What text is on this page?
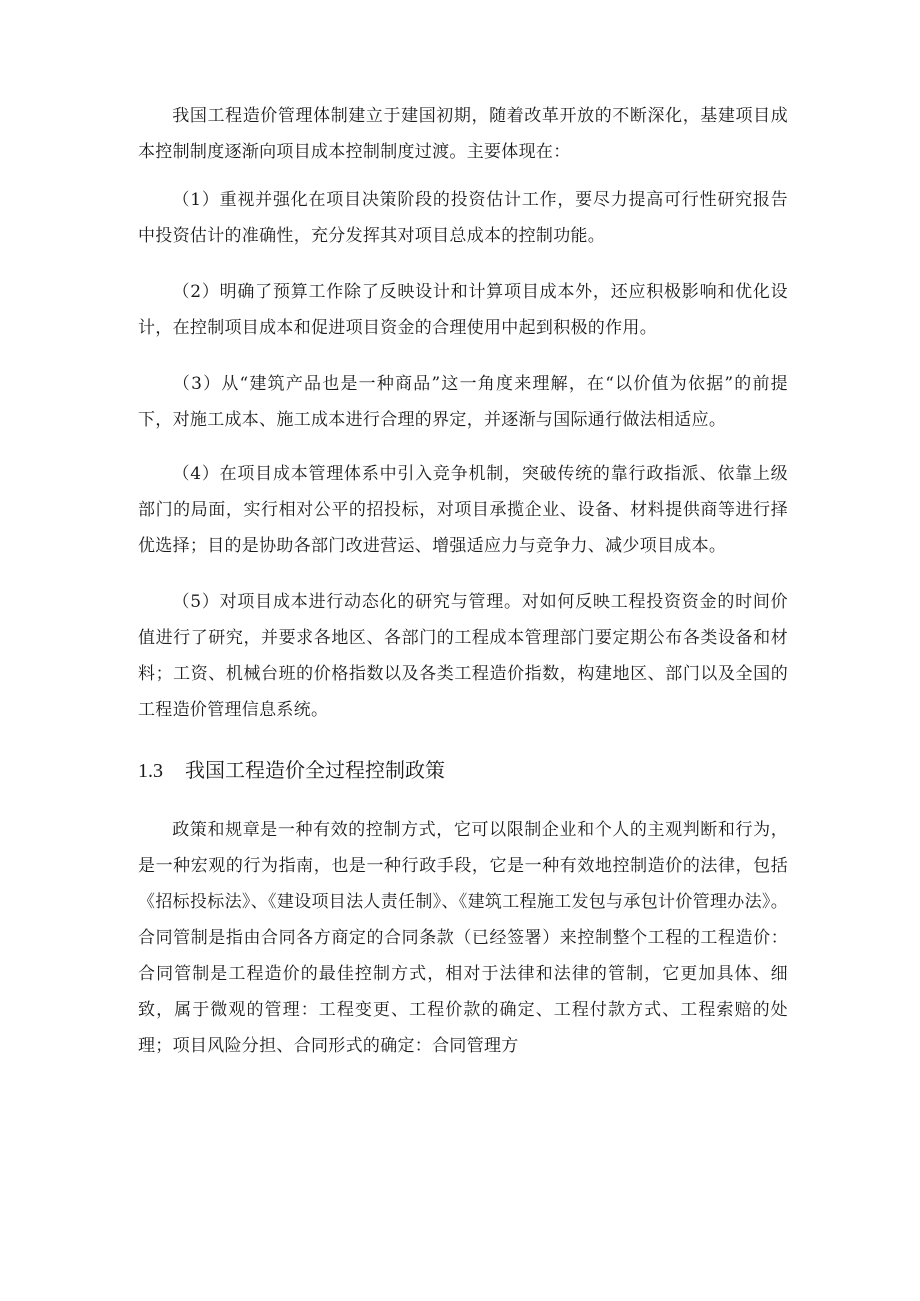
我国工程造价管理体制建立于建国初期，随着改革开放的不断深化，基建项目成本控制制度逐渐向项目成本控制制度过渡。主要体现在：

（1）重视并强化在项目决策阶段的投资估计工作，要尽力提高可行性研究报告中投资估计的准确性，充分发挥其对项目总成本的控制功能。

（2）明确了预算工作除了反映设计和计算项目成本外，还应积极影响和优化设计，在控制项目成本和促进项目资金的合理使用中起到积极的作用。

（3）从“建筑产品也是一种商品”这一角度来理解，在“以价值为依据”的前提下，对施工成本、施工成本进行合理的界定，并逐渐与国际通行做法相适应。

（4）在项目成本管理体系中引入竞争机制，突破传统的靠行政指派、依靠上级部门的局面，实行相对公平的招投标，对项目承揽企业、设备、材料提供商等进行择优选择；目的是协助各部门改进营运、增强适应力与竞争力、减少项目成本。

（5）对项目成本进行动态化的研究与管理。对如何反映工程投资资金的时间价值进行了研究，并要求各地区、各部门的工程成本管理部门要定期公布各类设备和材料；工资、机械台班的价格指数以及各类工程造价指数，构建地区、部门以及全国的工程造价管理信息系统。

1.3 我国工程造价全过程控制政策

政策和规章是一种有效的控制方式，它可以限制企业和个人的主观判断和行为，是一种宏观的行为指南，也是一种行政手段，它是一种有效地控制造价的法律，包括《招标投标法》、《建设项目法人责任制》、《建筑工程施工发包与承包计价管理办法》。合同管制是指由合同各方商定的合同条款（已经签署）来控制整个工程的工程造价：合同管制是工程造价的最佳控制方式，相对于法律和法律的管制，它更加具体、细致，属于微观的管理：工程变更、工程价款的确定、工程付款方式、工程索赔的处理；项目风险分担、合同形式的确定：合同管理方
